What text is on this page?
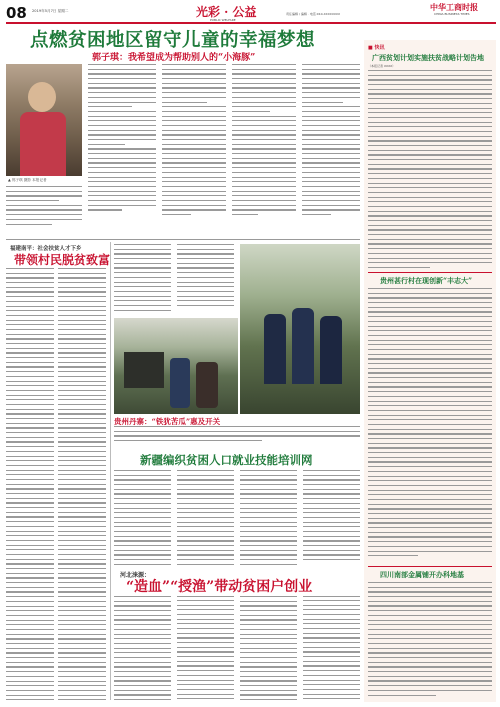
08 2019年5月7日 星期二	光彩 · 公益
PUBLIC WELFARE
中华工商时报
CHINA BUSINESS TIMES
责任编辑 / 编辑 · 电话:010-XXXXXXXX
点燃贫困地区留守儿童的幸福梦想
郭子琪：我希望成为帮助别人的“小海豚”
▲ 郭子琪 摄影 本报记者
福建南平：社会扶贫人才下乡
带领村民脱贫致富
贵州丹寨：“铁犹苦瓜”惠及开关
新疆编织贫困人口就业技能培训网
河北涞源：
“造血”“授渔”带动贫困户创业
■ 快讯
广西贫划计划实施扶贫战略计划告地
（本报记者 XXXX）
贵州甚行村在现创新“丰志大”
四川南部金属铺开办科地基
